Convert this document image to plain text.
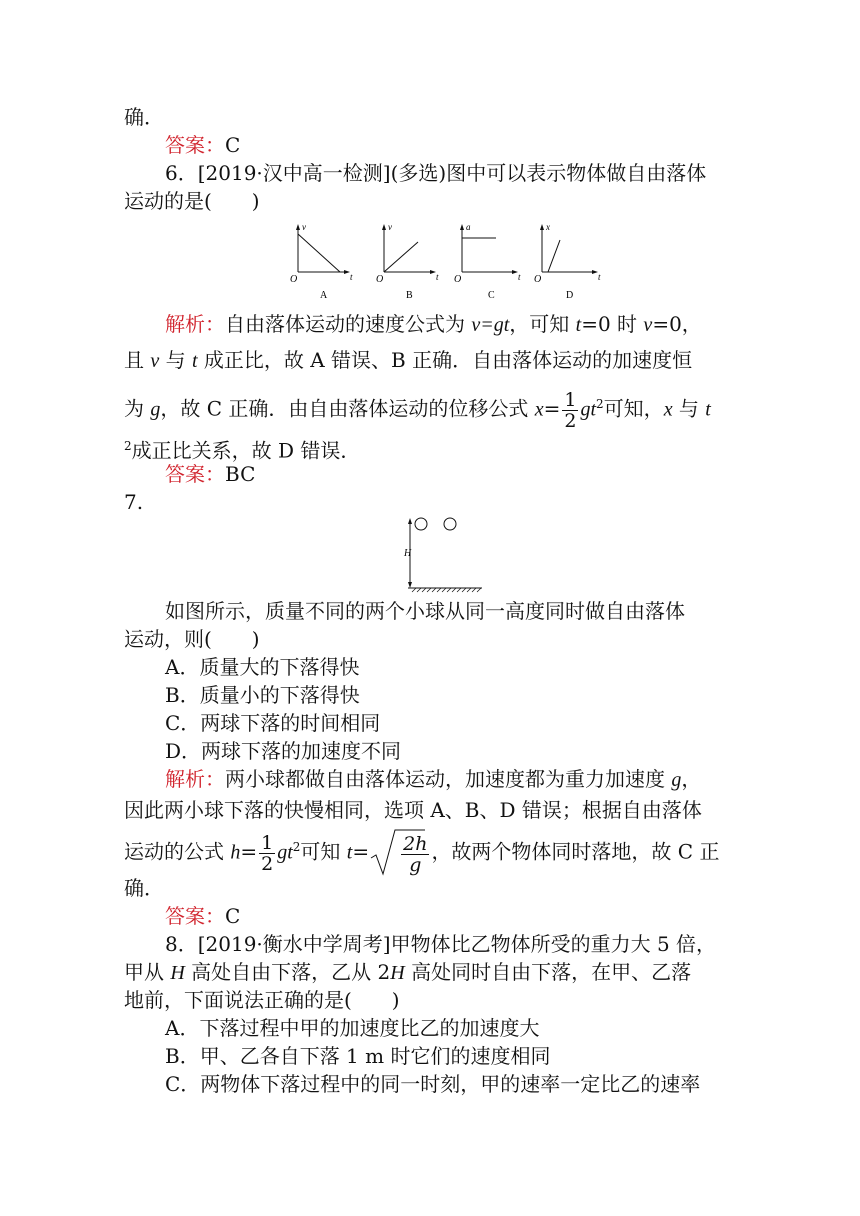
确．
答案：C
6．[2019·汉中高一检测](多选)图中可以表示物体做自由落体
运动的是(　　)
v
t
O
A
v
t
O
B
a
t
O
C
x
t
O
D
解析：自由落体运动的速度公式为 v=gt，可知 t=0 时 v=0，
且 v 与 t 成正比，故 A 错误、B 正确．自由落体运动的加速度恒
为 g，故 C 正确．由自由落体运动的位移公式 $x= \frac{1}{2} gt^2$可知，x 与 t
$^2$成正比关系，故 D 错误．
答案：BC
7.
H
如图所示，质量不同的两个小球从同一高度同时做自由落体
运动，则(　　)
A．质量大的下落得快
B．质量小的下落得快
C．两球下落的时间相同
D．两球下落的加速度不同
解析：两小球都做自由落体运动，加速度都为重力加速度 g，
因此两小球下落的快慢相同，选项 A、B、D 错误；根据自由落体
运动的公式 $h= \frac{1}{2} gt^2$可知 $t= \frac{2h}{g}$ ，故两个物体同时落地，故 C 正
确．
答案：C
8．[2019·衡水中学周考]甲物体比乙物体所受的重力大 5 倍，
甲从 H 高处自由下落，乙从 2H 高处同时自由下落，在甲、乙落
地前，下面说法正确的是(　　)
A．下落过程中甲的加速度比乙的加速度大
B．甲、乙各自下落 1 m 时它们的速度相同
C．两物体下落过程中的同一时刻，甲的速率一定比乙的速率
